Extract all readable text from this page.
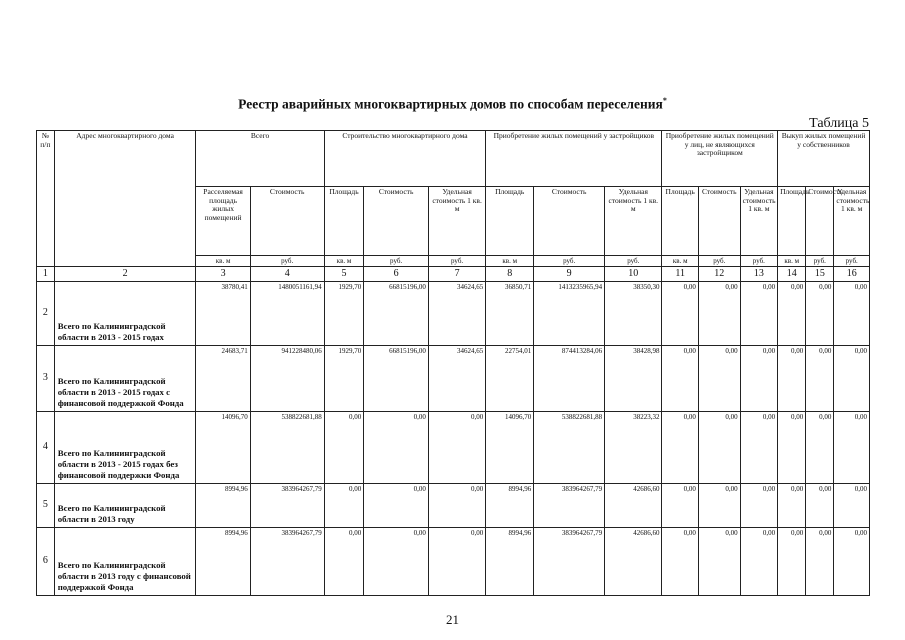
Реестр аварийных многоквартирных домов по способам переселения*
Таблица 5
№ п/п	Адрес многоквартирного дома	Всего		Строительство многоквартирного дома			Приобретение жилых помещений у застройщиков			Приобретение жилых помещений у лиц, не являющихся застройщиком			Выкуп жилых помещений у собственников		
		Расселяемая площадь жилых помещений	Стоимость	Площадь	Стоимость	Удельная стоимость 1 кв. м	Площадь	Стоимость	Удельная стоимость 1 кв. м	Площадь	Стоимость	Удельная стоимость 1 кв. м	Площадь	Стоимость	Удельная стоимость 1 кв. м
		кв. м	руб.	кв. м	руб.	руб.	кв. м	руб.	руб.	кв. м	руб.	руб.	кв. м	руб.	руб.
1	2	3	4	5	6	7	8	9	10	11	12	13	14	15	16
2	Всего по Калининградской области в 2013 - 2015 годах	38780,41	1480051161,94	1929,70	66815196,00	34624,65	36850,71	1413235965,94	38350,30	0,00	0,00	0,00	0,00	0,00	0,00
3	Всего по Калининградской области в 2013 - 2015 годах с финансовой поддержкой Фонда	24683,71	941228480,06	1929,70	66815196,00	34624,65	22754,01	874413284,06	38428,98	0,00	0,00	0,00	0,00	0,00	0,00
4	Всего по Калининградской области в 2013 - 2015 годах без финансовой поддержки Фонда	14096,70	538822681,88	0,00	0,00	0,00	14096,70	538822681,88	38223,32	0,00	0,00	0,00	0,00	0,00	0,00
5	Всего по Калининградской области в 2013 году	8994,96	383964267,79	0,00	0,00	0,00	8994,96	383964267,79	42686,60	0,00	0,00	0,00	0,00	0,00	0,00
6	Всего по Калининградской области в 2013 году с финансовой поддержкой Фонда	8994,96	383964267,79	0,00	0,00	0,00	8994,96	383964267,79	42686,60	0,00	0,00	0,00	0,00	0,00	0,00
21
